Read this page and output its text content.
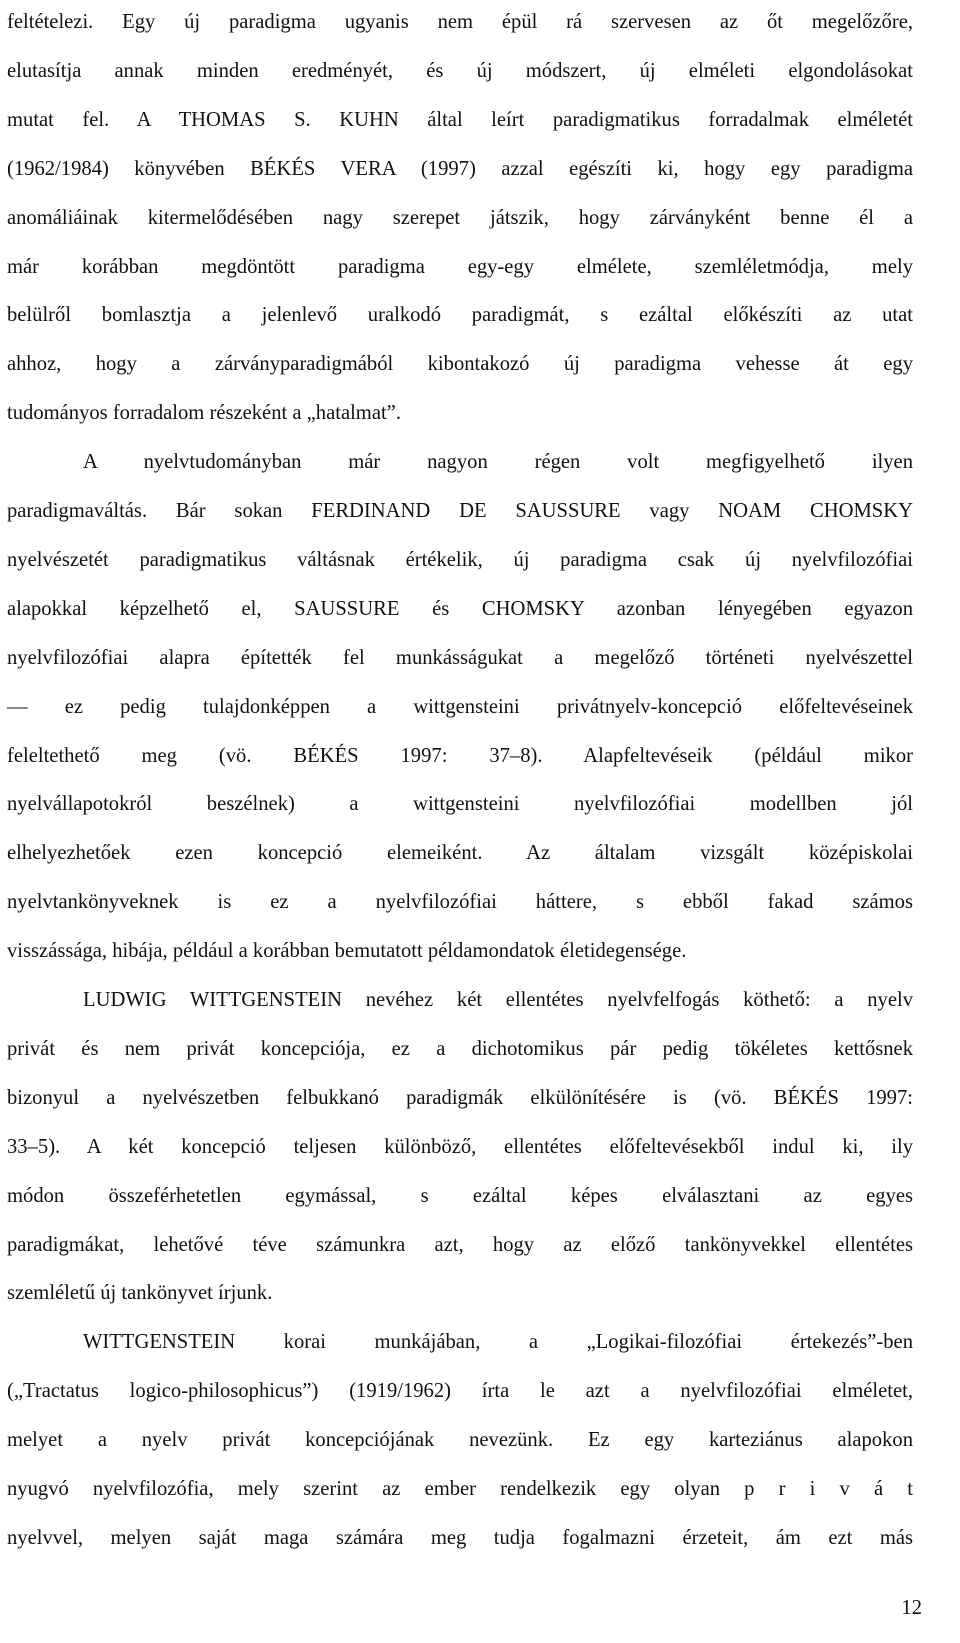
feltételezi. Egy új paradigma ugyanis nem épül rá szervesen az őt megelőzőre,
elutasítja annak minden eredményét, és új módszert, új elméleti elgondolásokat
mutat fel. A THOMAS S. KUHN által leírt paradigmatikus forradalmak elméletét
(1962/1984) könyvében BÉKÉS VERA (1997) azzal egészíti ki, hogy egy paradigma
anomáliáinak kitermelődésében nagy szerepet játszik, hogy zárványként benne él a
már korábban megdöntött paradigma egy-egy elmélete, szemléletmódja, mely
belülről bomlasztja a jelenlevő uralkodó paradigmát, s ezáltal előkészíti az utat
ahhoz, hogy a zárványparadigmából kibontakozó új paradigma vehesse át egy
tudományos forradalom részeként a „hatalmat”.
A nyelvtudományban már nagyon régen volt megfigyelhető ilyen
paradigmaváltás. Bár sokan FERDINAND DE SAUSSURE vagy NOAM CHOMSKY
nyelvészetét paradigmatikus váltásnak értékelik, új paradigma csak új nyelvfilozófiai
alapokkal képzelhető el, SAUSSURE és CHOMSKY azonban lényegében egyazon
nyelvfilozófiai alapra építették fel munkásságukat a megelőző történeti nyelvészettel
— ez pedig tulajdonképpen a wittgensteini privátnyelv-koncepció előfeltevéseinek
feleltethető meg (vö. BÉKÉS 1997: 37–8). Alapfeltevéseik (például mikor
nyelvállapotokról beszélnek) a wittgensteini nyelvfilozófiai modellben jól
elhelyezhetőek ezen koncepció elemeiként. Az általam vizsgált középiskolai
nyelvtankönyveknek is ez a nyelvfilozófiai háttere, s ebből fakad számos
visszássága, hibája, például a korábban bemutatott példamondatok életidegensége.
LUDWIG WITTGENSTEIN nevéhez két ellentétes nyelvfelfogás köthető: a nyelv
privát és nem privát koncepciója, ez a dichotomikus pár pedig tökéletes kettősnek
bizonyul a nyelvészetben felbukkanó paradigmák elkülönítésére is (vö. BÉKÉS 1997:
33–5). A két koncepció teljesen különböző, ellentétes előfeltevésekből indul ki, ily
módon összeférhetetlen egymással, s ezáltal képes elválasztani az egyes
paradigmákat, lehetővé téve számunkra azt, hogy az előző tankönyvekkel ellentétes
szemléletű új tankönyvet írjunk.
WITTGENSTEIN korai munkájában, a „Logikai-filozófiai értekezés”-ben
(„Tractatus logico-philosophicus”) (1919/1962) írta le azt a nyelvfilozófiai elméletet,
melyet a nyelv privát koncepciójának nevezünk. Ez egy karteziánus alapokon
nyugvó nyelvfilozófia, mely szerint az ember rendelkezik egy olyan p r i v á t
nyelvvel, melyen saját maga számára meg tudja fogalmazni érzeteit, ám ezt más
12
